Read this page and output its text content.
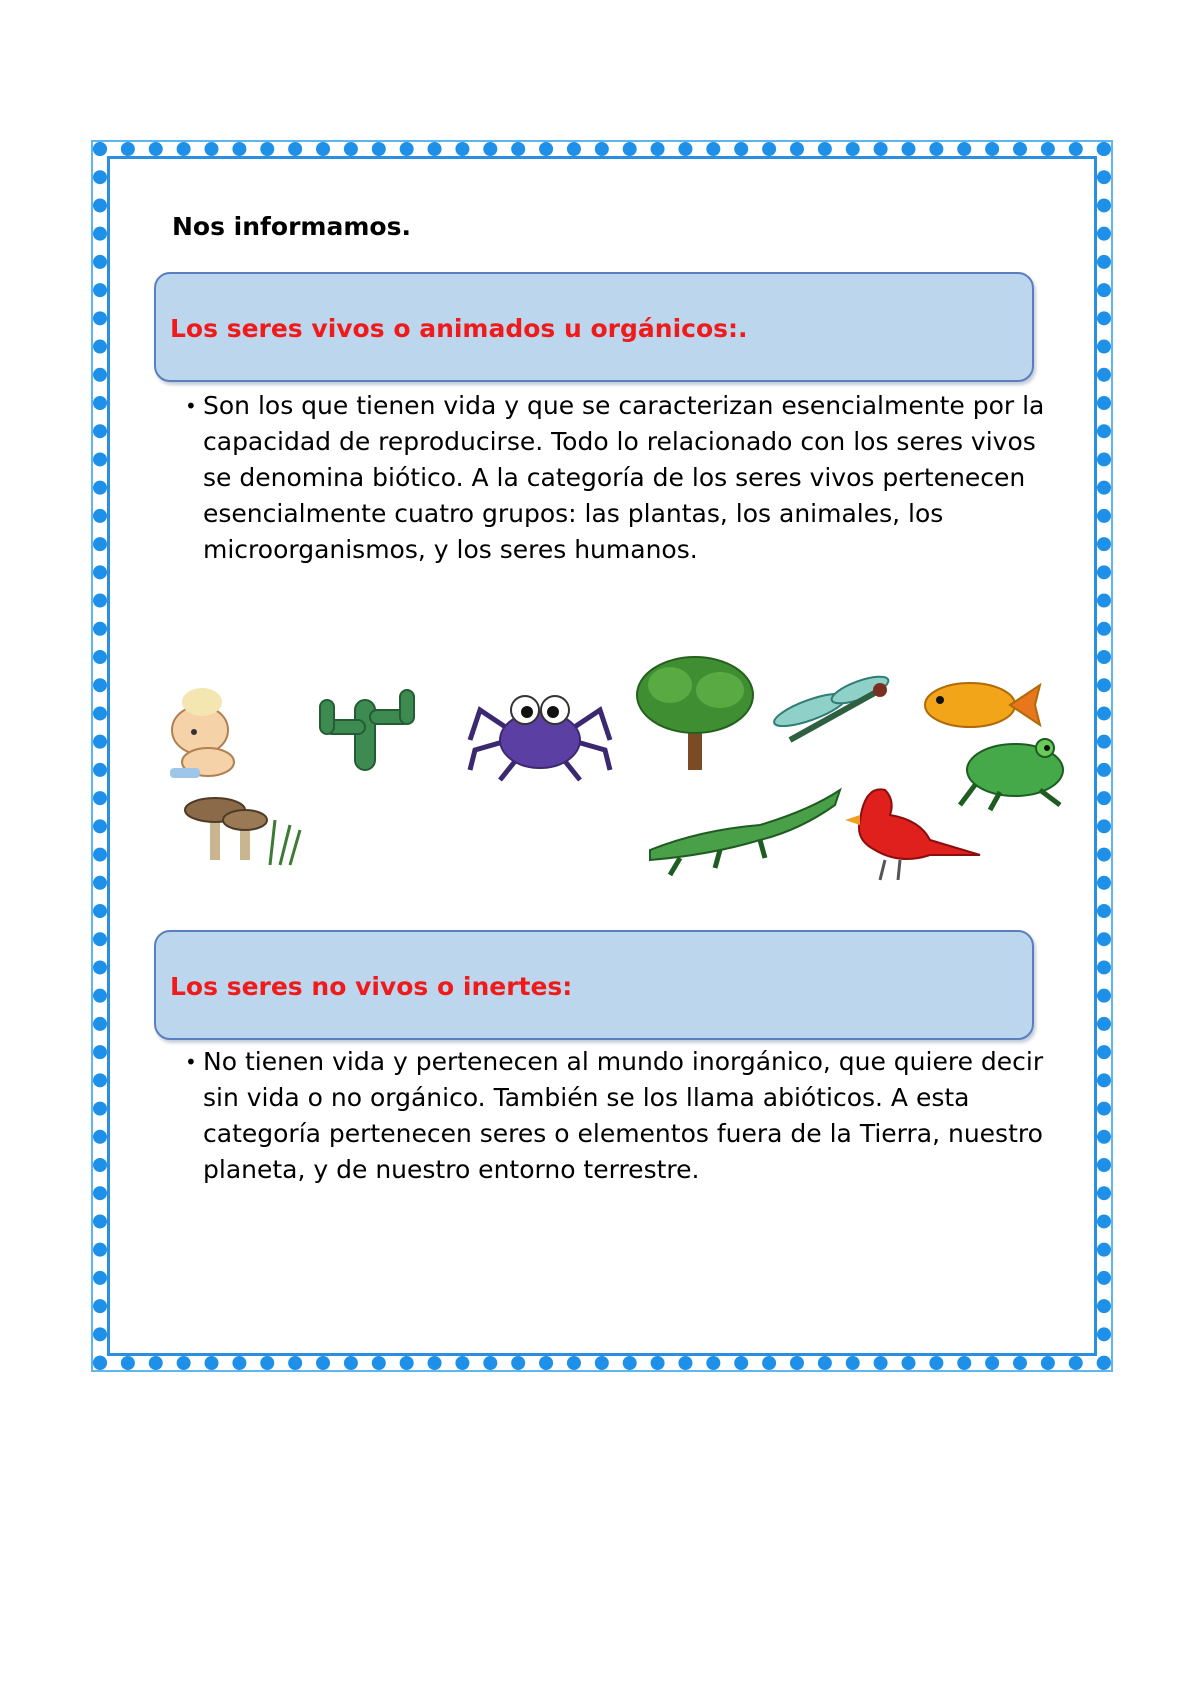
Nos informamos.

Los seres vivos o animados u orgánicos:.
• Son los que tienen vida y que se caracterizan esencialmente por la capacidad de reproducirse. Todo lo relacionado con los seres vivos se denomina biótico. A la categoría de los seres vivos pertenecen esencialmente cuatro grupos: las plantas, los animales, los microorganismos, y los seres humanos.
Los seres no vivos o inertes:
• No tienen vida y pertenecen al mundo inorgánico, que quiere decir sin vida o no orgánico. También se los llama abióticos. A esta categoría pertenecen seres o elementos fuera de la Tierra, nuestro planeta, y de nuestro entorno terrestre.
